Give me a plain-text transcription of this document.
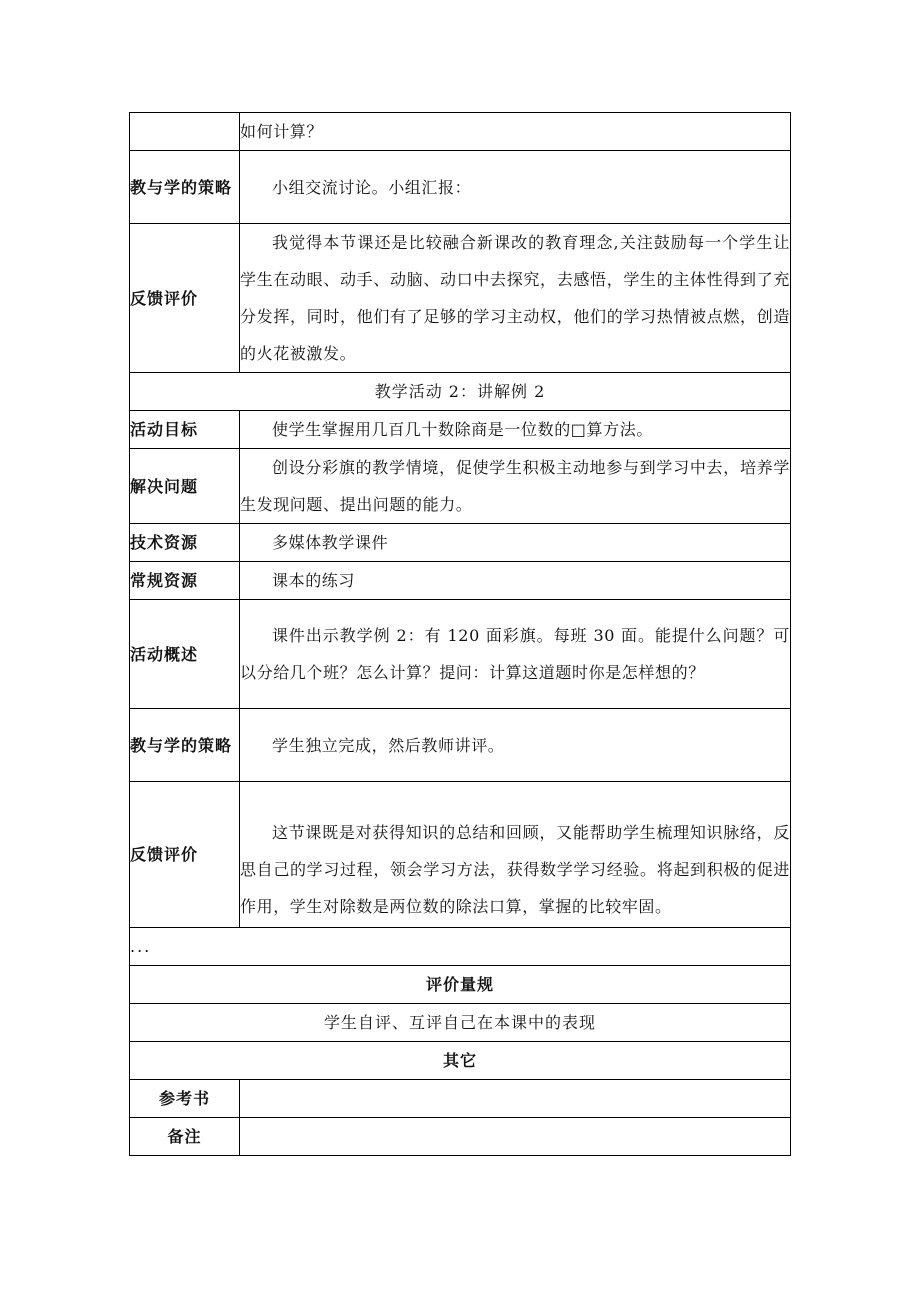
	如何计算？

教与学的策略	小组交流讨论。小组汇报：

反馈评价	我觉得本节课还是比较融合新课改的教育理念,关注鼓励每一个学生让学生在动眼、动手、动脑、动口中去探究，去感悟，学生的主体性得到了充分发挥，同时，他们有了足够的学习主动权，他们的学习热情被点燃，创造的火花被激发。

教学活动 2：讲解例 2	
活动目标	使学生掌握用几百几十数除商是一位数的□算方法。

解决问题	创设分彩旗的教学情境，促使学生积极主动地参与到学习中去，培养学生发现问题、提出问题的能力。

技术资源	多媒体教学课件

常规资源	课本的练习

活动概述	课件出示教学例 2：有 120 面彩旗。每班 30 面。能提什么问题？可以分给几个班？怎么计算？提问：计算这道题时你是怎样想的？

教与学的策略	学生独立完成，然后教师讲评。

反馈评价	这节课既是对获得知识的总结和回顾，又能帮助学生梳理知识脉络，反思自己的学习过程，领会学习方法，获得数学学习经验。将起到积极的促进作用，学生对除数是两位数的除法口算，掌握的比较牢固。

...	
评价量规	
学生自评、互评自己在本课中的表现	
其它	
参考书	
备注	
